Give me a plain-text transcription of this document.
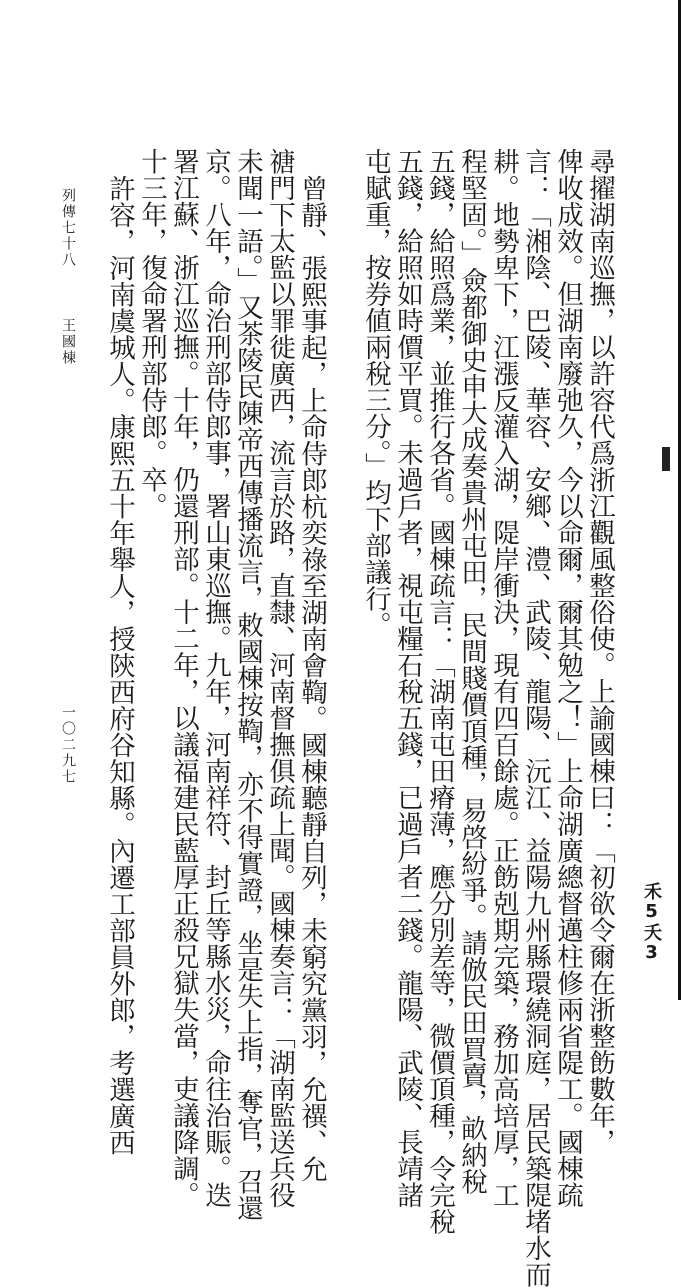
尋擢湖南巡撫，以許容代爲浙江觀風整俗使。上諭國棟曰：「初欲令爾在浙整飭數年，
俾收成效。但湖南廢弛久，今以命爾，爾其勉之！」上命湖廣總督邁柱修兩省隄工。國棟疏
言：「湘陰、巴陵、華容、安鄉、澧、武陵、龍陽、沅江、益陽九州縣環繞洞庭，居民築隄堵水而
耕。地勢卑下，江漲反灌入湖，隄岸衝決，現有四百餘處。正飭剋期完築，務加高培厚，工
程堅固。」僉都御史申大成奏貴州屯田，民間賤價頂種，易啓紛爭。請倣民田買賣，畝納稅
五錢，給照爲業，並推行各省。國棟疏言：「湖南屯田瘠薄，應分別差等，微價頂種，令完稅
五錢，給照如時價平買。未過戶者，視屯糧石稅五錢，已過戶者二錢。龍陽、武陵、長靖諸
屯賦重，按券値兩稅三分。」均下部議行。
曾靜、張熙事起，上命侍郎杭奕祿至湖南會鞫。國棟聽靜自列，未窮究黨羽，允禩、允
禟門下太監以罪徙廣西，流言於路，直隸、河南督撫俱疏上聞。國棟奏言：「湖南監送兵役
未聞一語。」又茶陵民陳帝西傳播流言，敕國棟按鞫，亦不得實證，坐是失上指，奪官，召還
京。八年，命治刑部侍郎事，署山東巡撫。九年，河南祥符、封丘等縣水災，命往治賑。迭
署江蘇、浙江巡撫。十年，仍還刑部。十二年，以議福建民藍厚正殺兄獄失當，吏議降調。
十三年，復命署刑部侍郎。卒。
許容，河南虞城人。康熙五十年舉人，授陝西府谷知縣。內遷工部員外郎，考選廣西
列傳七十八
王國棟
一〇二九七
禾5夭3
